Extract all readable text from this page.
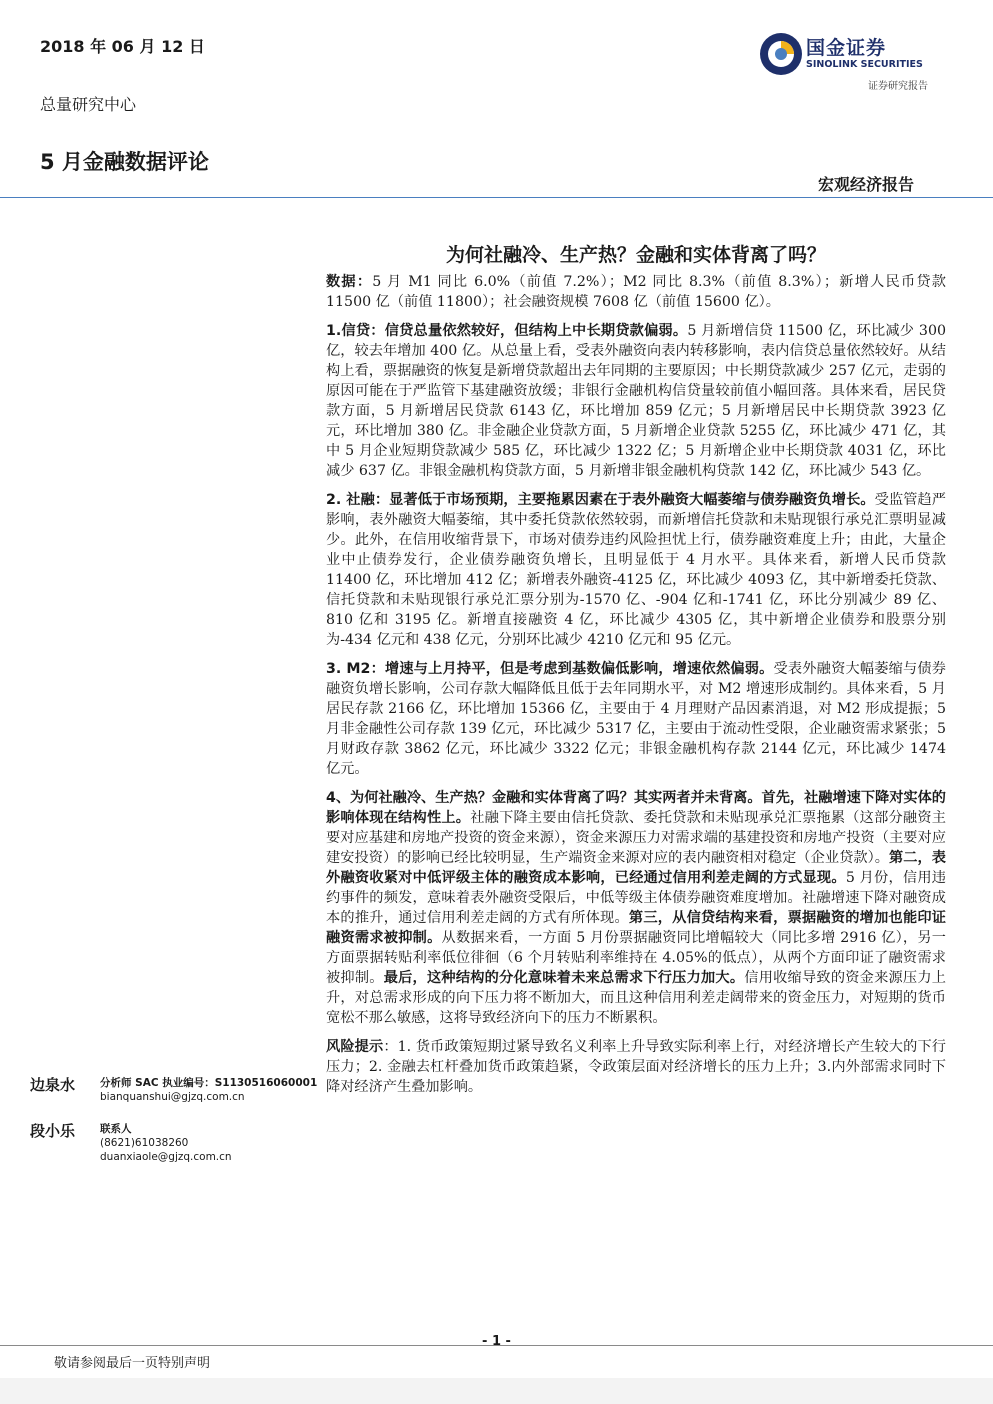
2018 年 06 月 12 日
总量研究中心
5 月金融数据评论
国金证券
SINOLINK SECURITIES
证券研究报告
宏观经济报告
为何社融冷、生产热？金融和实体背离了吗？

数据：5 月 M1 同比 6.0%（前值 7.2%）；M2 同比 8.3%（前值 8.3%）；新增人民币贷款 11500 亿（前值 11800）；社会融资规模 7608 亿（前值 15600 亿）。

1.信贷：信贷总量依然较好，但结构上中长期贷款偏弱。5 月新增信贷 11500 亿，环比减少 300 亿，较去年增加 400 亿。从总量上看，受表外融资向表内转移影响，表内信贷总量依然较好。从结构上看，票据融资的恢复是新增贷款超出去年同期的主要原因；中长期贷款减少 257 亿元，走弱的原因可能在于严监管下基建融资放缓；非银行金融机构信贷量较前值小幅回落。具体来看，居民贷款方面，5 月新增居民贷款 6143 亿，环比增加 859 亿元；5 月新增居民中长期贷款 3923 亿元，环比增加 380 亿。非金融企业贷款方面，5 月新增企业贷款 5255 亿，环比减少 471 亿，其中 5 月企业短期贷款减少 585 亿，环比减少 1322 亿；5 月新增企业中长期贷款 4031 亿，环比减少 637 亿。非银金融机构贷款方面，5 月新增非银金融机构贷款 142 亿，环比减少 543 亿。

2. 社融：显著低于市场预期，主要拖累因素在于表外融资大幅萎缩与债券融资负增长。受监管趋严影响，表外融资大幅萎缩，其中委托贷款依然较弱，而新增信托贷款和未贴现银行承兑汇票明显减少。此外，在信用收缩背景下，市场对债券违约风险担忧上行，债券融资难度上升；由此，大量企业中止债券发行，企业债券融资负增长，且明显低于 4 月水平。具体来看，新增人民币贷款 11400 亿，环比增加 412 亿；新增表外融资-4125 亿，环比减少 4093 亿，其中新增委托贷款、信托贷款和未贴现银行承兑汇票分别为-1570 亿、-904 亿和-1741 亿，环比分别减少 89 亿、810 亿和 3195 亿。新增直接融资 4 亿，环比减少 4305 亿，其中新增企业债券和股票分别为-434 亿元和 438 亿元，分别环比减少 4210 亿元和 95 亿元。

3. M2：增速与上月持平，但是考虑到基数偏低影响，增速依然偏弱。受表外融资大幅萎缩与债券融资负增长影响，公司存款大幅降低且低于去年同期水平，对 M2 增速形成制约。具体来看，5 月居民存款 2166 亿，环比增加 15366 亿，主要由于 4 月理财产品因素消退，对 M2 形成提振；5 月非金融性公司存款 139 亿元，环比减少 5317 亿，主要由于流动性受限，企业融资需求紧张；5 月财政存款 3862 亿元，环比减少 3322 亿元；非银金融机构存款 2144 亿元，环比减少 1474 亿元。

4、为何社融冷、生产热？金融和实体背离了吗？其实两者并未背离。首先，社融增速下降对实体的影响体现在结构性上。社融下降主要由信托贷款、委托贷款和未贴现承兑汇票拖累（这部分融资主要对应基建和房地产投资的资金来源），资金来源压力对需求端的基建投资和房地产投资（主要对应建安投资）的影响已经比较明显，生产端资金来源对应的表内融资相对稳定（企业贷款）。第二，表外融资收紧对中低评级主体的融资成本影响，已经通过信用利差走阔的方式显现。5 月份，信用违约事件的频发，意味着表外融资受限后，中低等级主体债券融资难度增加。社融增速下降对融资成本的推升，通过信用利差走阔的方式有所体现。第三，从信贷结构来看，票据融资的增加也能印证融资需求被抑制。从数据来看，一方面 5 月份票据融资同比增幅较大（同比多增 2916 亿），另一方面票据转贴利率低位徘徊（6 个月转贴利率维持在 4.05%的低点），从两个方面印证了融资需求被抑制。最后，这种结构的分化意味着未来总需求下行压力加大。信用收缩导致的资金来源压力上升，对总需求形成的向下压力将不断加大，而且这种信用利差走阔带来的资金压力，对短期的货币宽松不那么敏感，这将导致经济向下的压力不断累积。

风险提示：1. 货币政策短期过紧导致名义利率上升导致实际利率上行，对经济增长产生较大的下行压力；2. 金融去杠杆叠加货币政策趋紧，令政策层面对经济增长的压力上升；3.内外部需求同时下降对经济产生叠加影响。

边泉水 分析师 SAC 执业编号：S1130516060001
bianquanshui@gjzq.com.cn
段小乐 联系人
(8621)61038260
duanxiaole@gjzq.com.cn
- 1 -
敬请参阅最后一页特别声明
